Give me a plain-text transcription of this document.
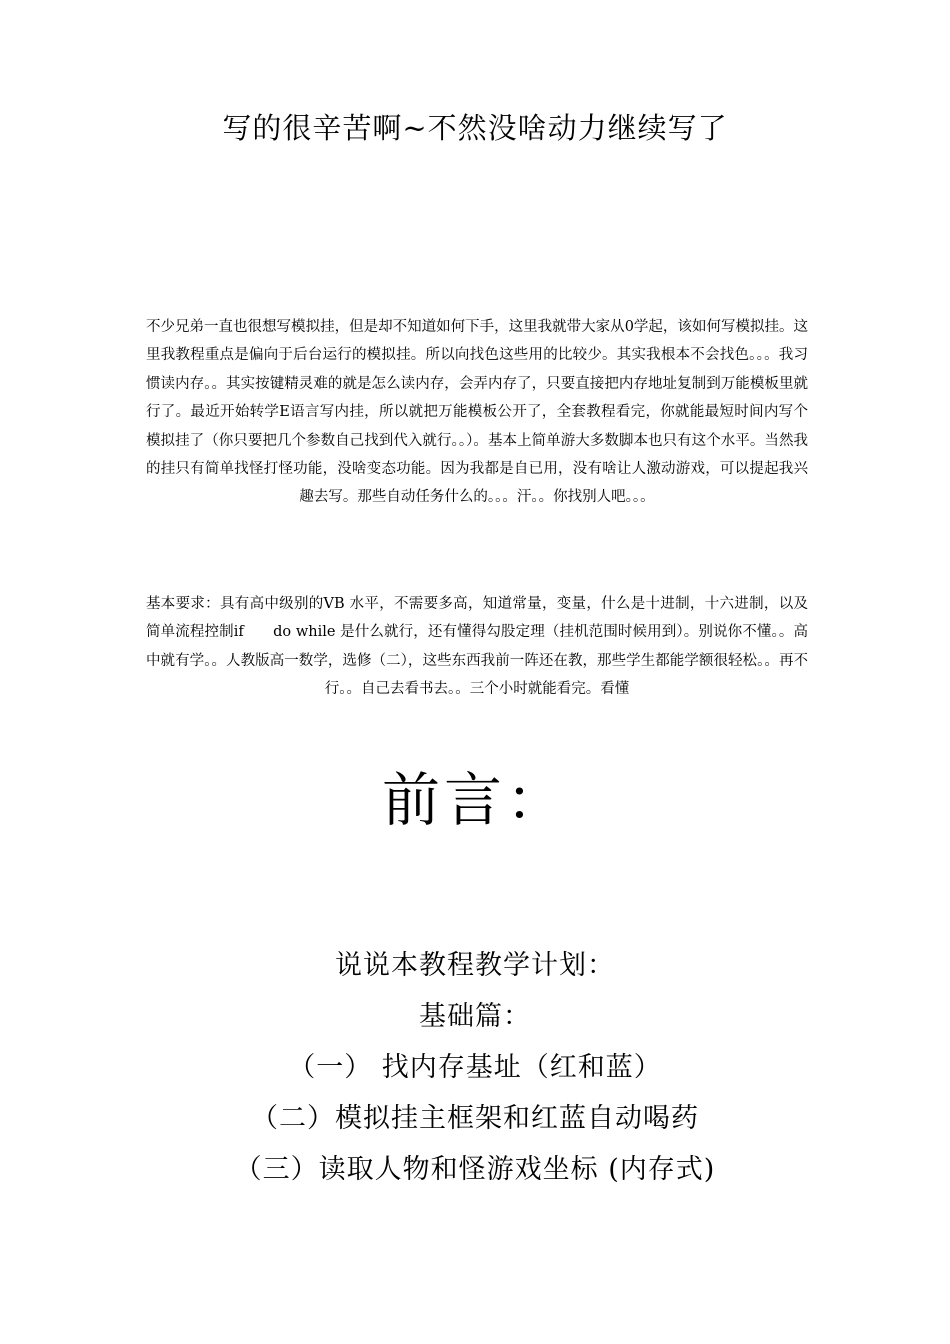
写的很辛苦啊~不然没啥动力继续写了

不少兄弟一直也很想写模拟挂，但是却不知道如何下手，这里我就带大家从0学起，该如何写模拟挂。这里我教程重点是偏向于后台运行的模拟挂。所以向找色这些用的比较少。其实我根本不会找色。。。我习惯读内存。。其实按键精灵难的就是怎么读内存，会弄内存了，只要直接把内存地址复制到万能模板里就行了。最近开始转学E语言写内挂，所以就把万能模板公开了，全套教程看完，你就能最短时间内写个模拟挂了（你只要把几个参数自己找到代入就行。。）。基本上简单游大多数脚本也只有这个水平。当然我的挂只有简单找怪打怪功能，没啥变态功能。因为我都是自已用，没有啥让人激动游戏，可以提起我兴趣去写。那些自动任务什么的。。。汗。。你找别人吧。。。

基本要求：具有高中级别的VB 水平，不需要多高，知道常量，变量，什么是十进制，十六进制，以及简单流程控制if　　do while 是什么就行，还有懂得勾股定理（挂机范围时候用到）。别说你不懂。。高中就有学。。人教版高一数学，选修（二），这些东西我前一阵还在教，那些学生都能学额很轻松。。再不行。。自己去看书去。。三个小时就能看完。看懂

前言：
说说本教程教学计划：
基础篇：
（一） 找内存基址（红和蓝）
（二）模拟挂主框架和红蓝自动喝药
（三）读取人物和怪游戏坐标 (内存式)
